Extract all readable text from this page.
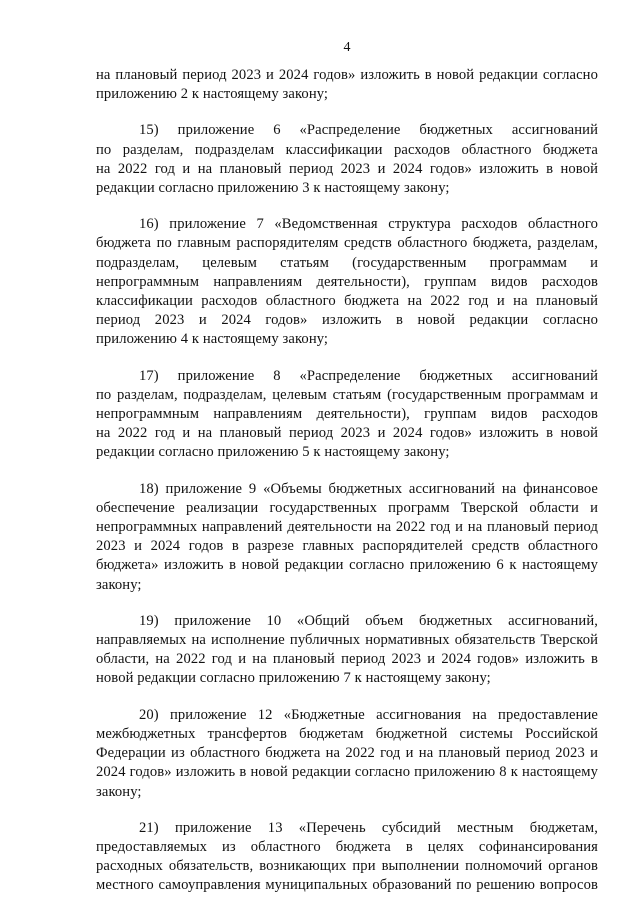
4
на плановый период 2023 и 2024 годов» изложить в новой редакции согласно
приложению 2 к настоящему закону;
15) приложение 6 «Распределение бюджетных ассигнований
по разделам, подразделам классификации расходов областного бюджета
на 2022 год и на плановый период 2023 и 2024 годов» изложить в новой
редакции согласно приложению 3 к настоящему закону;
16) приложение 7 «Ведомственная структура расходов областного
бюджета по главным распорядителям средств областного бюджета, разделам,
подразделам, целевым статьям (государственным программам и
непрограммным направлениям деятельности), группам видов расходов
классификации расходов областного бюджета на 2022 год и на плановый
период 2023 и 2024 годов» изложить в новой редакции согласно
приложению 4 к настоящему закону;
17) приложение 8 «Распределение бюджетных ассигнований
по разделам, подразделам, целевым статьям (государственным программам и
непрограммным направлениям деятельности), группам видов расходов
на 2022 год и на плановый период 2023 и 2024 годов» изложить в новой
редакции согласно приложению 5 к настоящему закону;
18) приложение 9 «Объемы бюджетных ассигнований на финансовое
обеспечение реализации государственных программ Тверской области и
непрограммных направлений деятельности на 2022 год и на плановый период
2023 и 2024 годов в разрезе главных распорядителей средств областного
бюджета» изложить в новой редакции согласно приложению 6 к настоящему
закону;
19) приложение 10 «Общий объем бюджетных ассигнований,
направляемых на исполнение публичных нормативных обязательств Тверской
области, на 2022 год и на плановый период 2023 и 2024 годов» изложить в
новой редакции согласно приложению 7 к настоящему закону;
20) приложение 12 «Бюджетные ассигнования на предоставление
межбюджетных трансфертов бюджетам бюджетной системы Российской
Федерации из областного бюджета на 2022 год и на плановый период 2023 и
2024 годов» изложить в новой редакции согласно приложению 8 к настоящему
закону;
21) приложение 13 «Перечень субсидий местным бюджетам,
предоставляемых из областного бюджета в целях софинансирования
расходных обязательств, возникающих при выполнении полномочий органов
местного самоуправления муниципальных образований по решению вопросов
